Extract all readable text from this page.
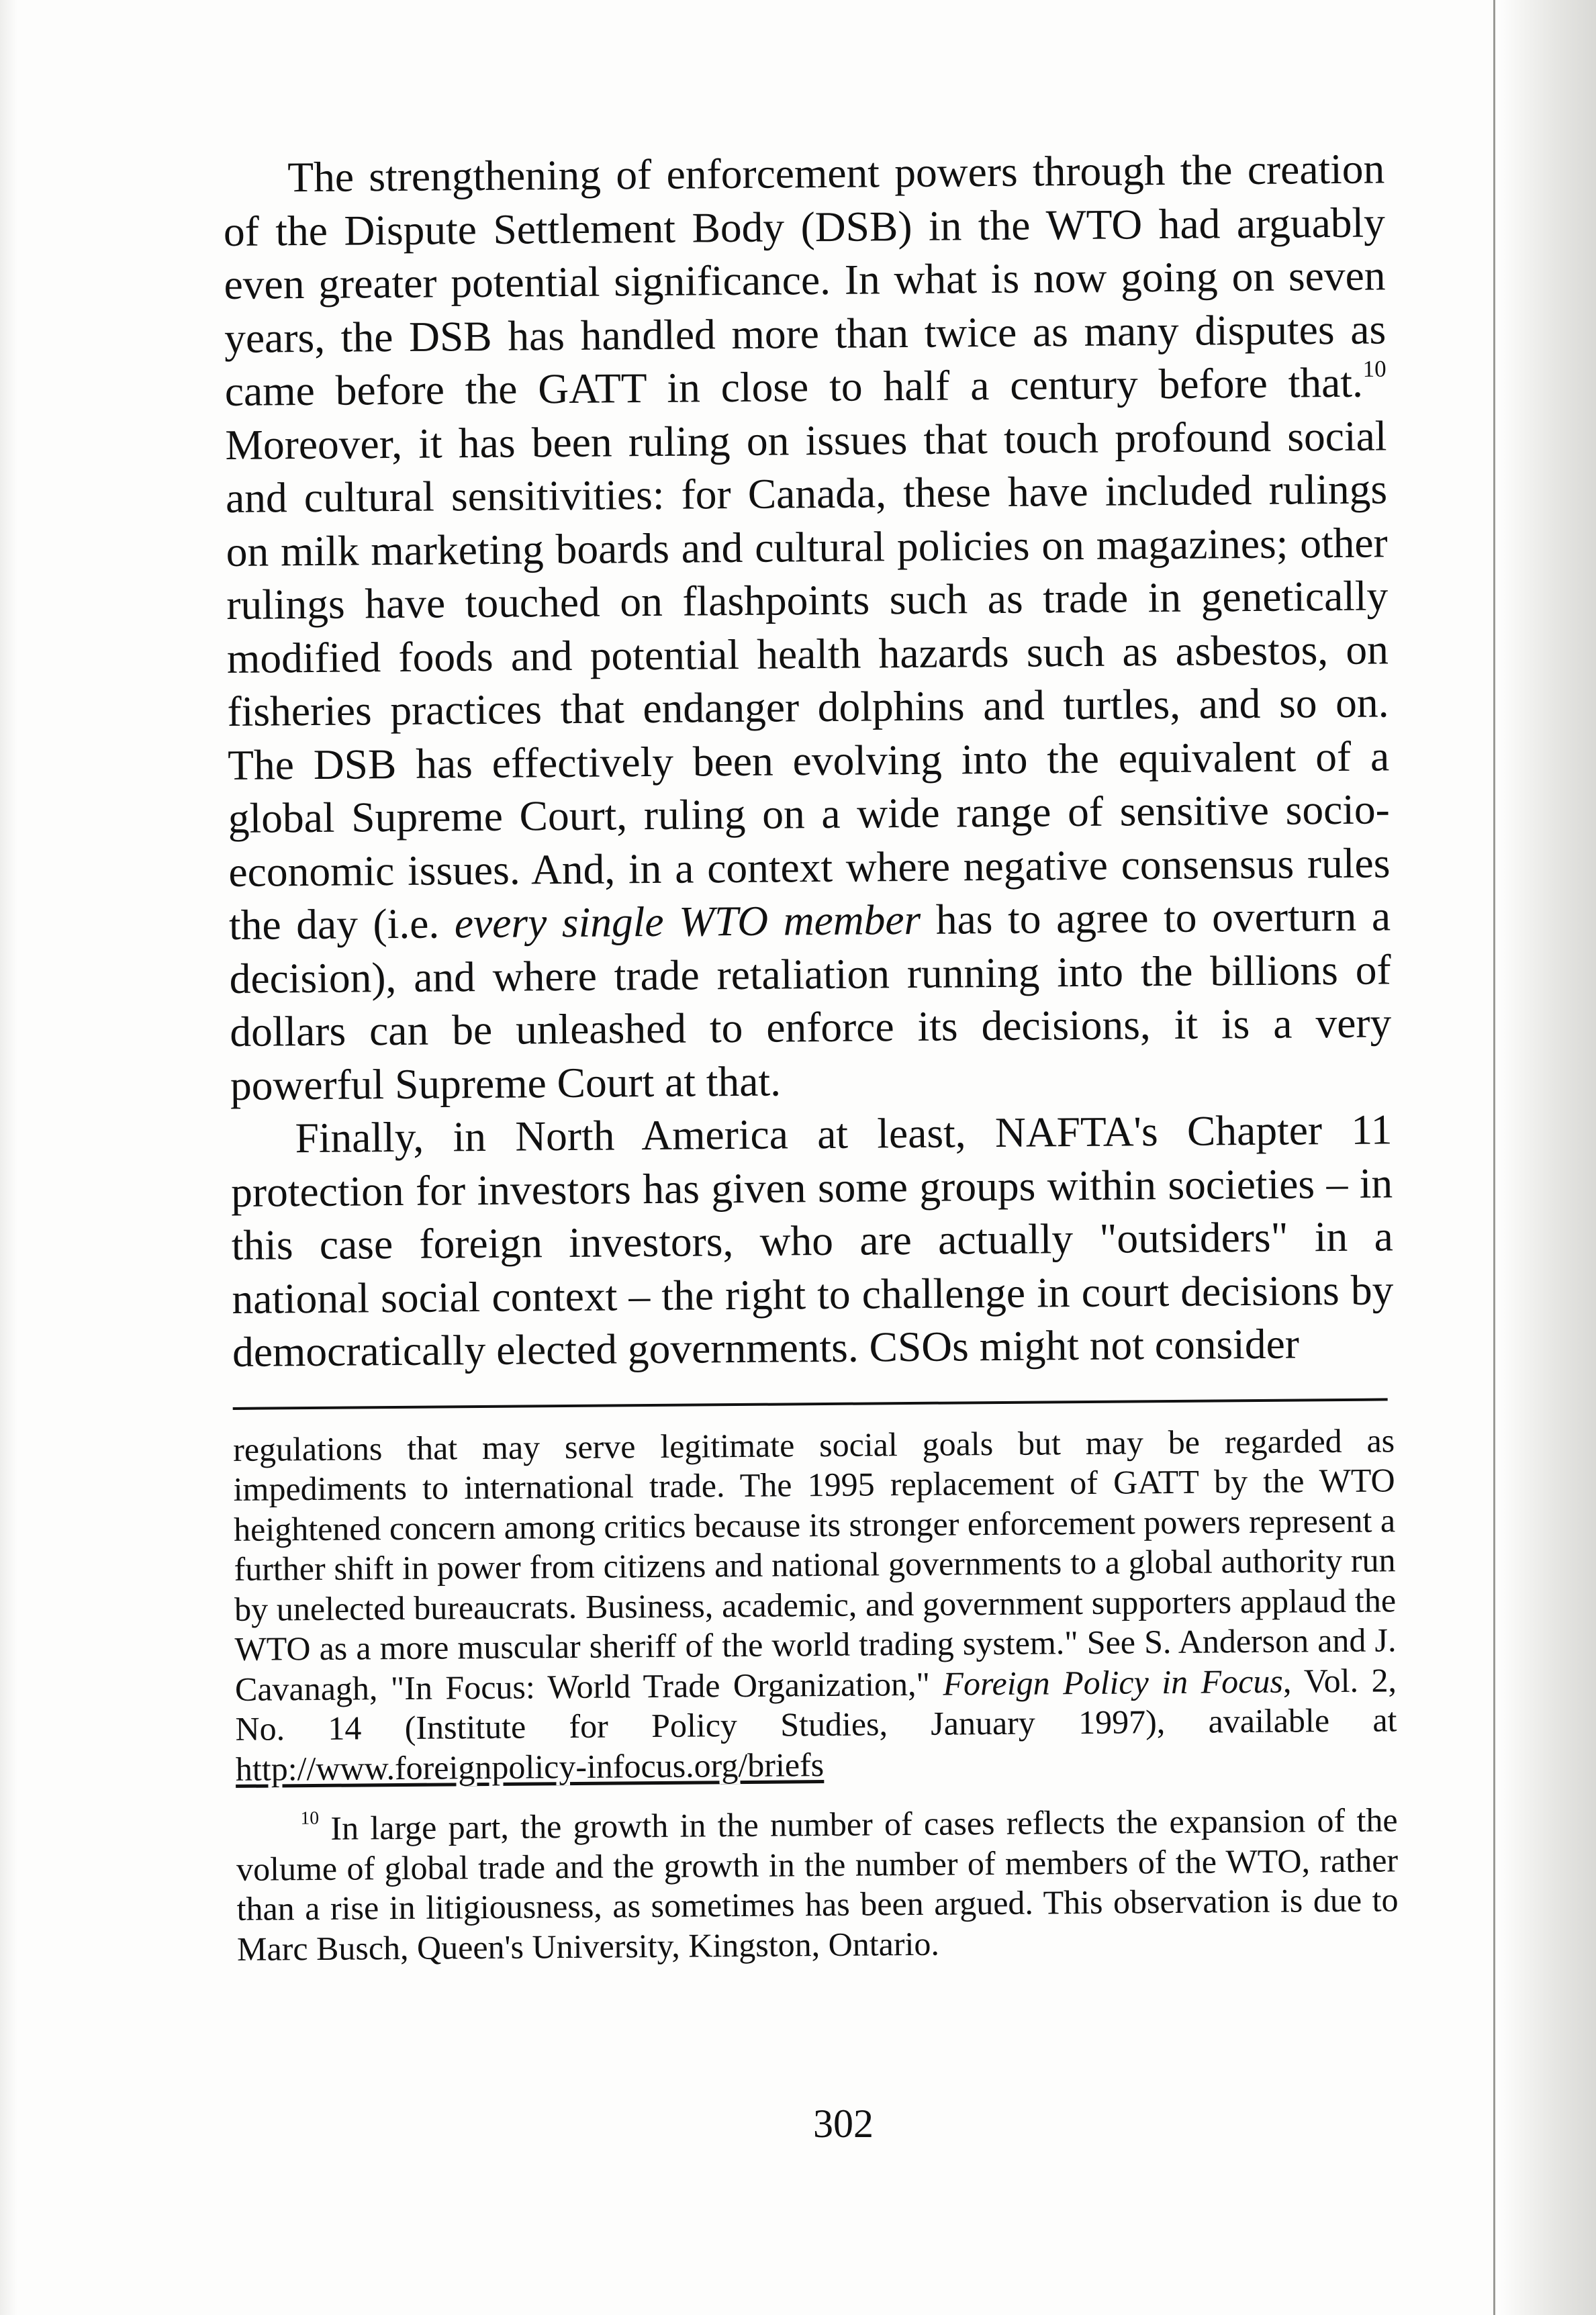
The strengthening of enforcement powers through the creation of the Dispute Settlement Body (DSB) in the WTO had arguably even greater potential significance. In what is now going on seven years, the DSB has handled more than twice as many disputes as came before the GATT in close to half a century before that.$^{10}$ Moreover, it has been ruling on issues that touch profound social and cultural sensitivities: for Canada, these have included rulings on milk marketing boards and cultural policies on magazines; other rulings have touched on flashpoints such as trade in genetically modified foods and potential health hazards such as asbestos, on fisheries practices that endanger dolphins and turtles, and so on. The DSB has effectively been evolving into the equivalent of a global Supreme Court, ruling on a wide range of sensitive socio-economic issues. And, in a context where negative consensus rules the day (i.e. every single WTO member has to agree to overturn a decision), and where trade retaliation running into the billions of dollars can be unleashed to enforce its decisions, it is a very powerful Supreme Court at that.

Finally, in North America at least, NAFTA's Chapter 11 protection for investors has given some groups within societies – in this case foreign investors, who are actually "outsiders" in a national social context – the right to challenge in court decisions by democratically elected governments. CSOs might not consider

regulations that may serve legitimate social goals but may be regarded as impediments to international trade. The 1995 replacement of GATT by the WTO heightened concern among critics because its stronger enforcement powers represent a further shift in power from citizens and national governments to a global authority run by unelected bureaucrats. Business, academic, and government supporters applaud the WTO as a more muscular sheriff of the world trading system." See S. Anderson and J. Cavanagh, "In Focus: World Trade Organization," Foreign Policy in Focus, Vol. 2, No. 14 (Institute for Policy Studies, January 1997), available at http://www.foreignpolicy-infocus.org/briefs

$^{10}$ In large part, the growth in the number of cases reflects the expansion of the volume of global trade and the growth in the number of members of the WTO, rather than a rise in litigiousness, as sometimes has been argued. This observation is due to Marc Busch, Queen's University, Kingston, Ontario.

302
